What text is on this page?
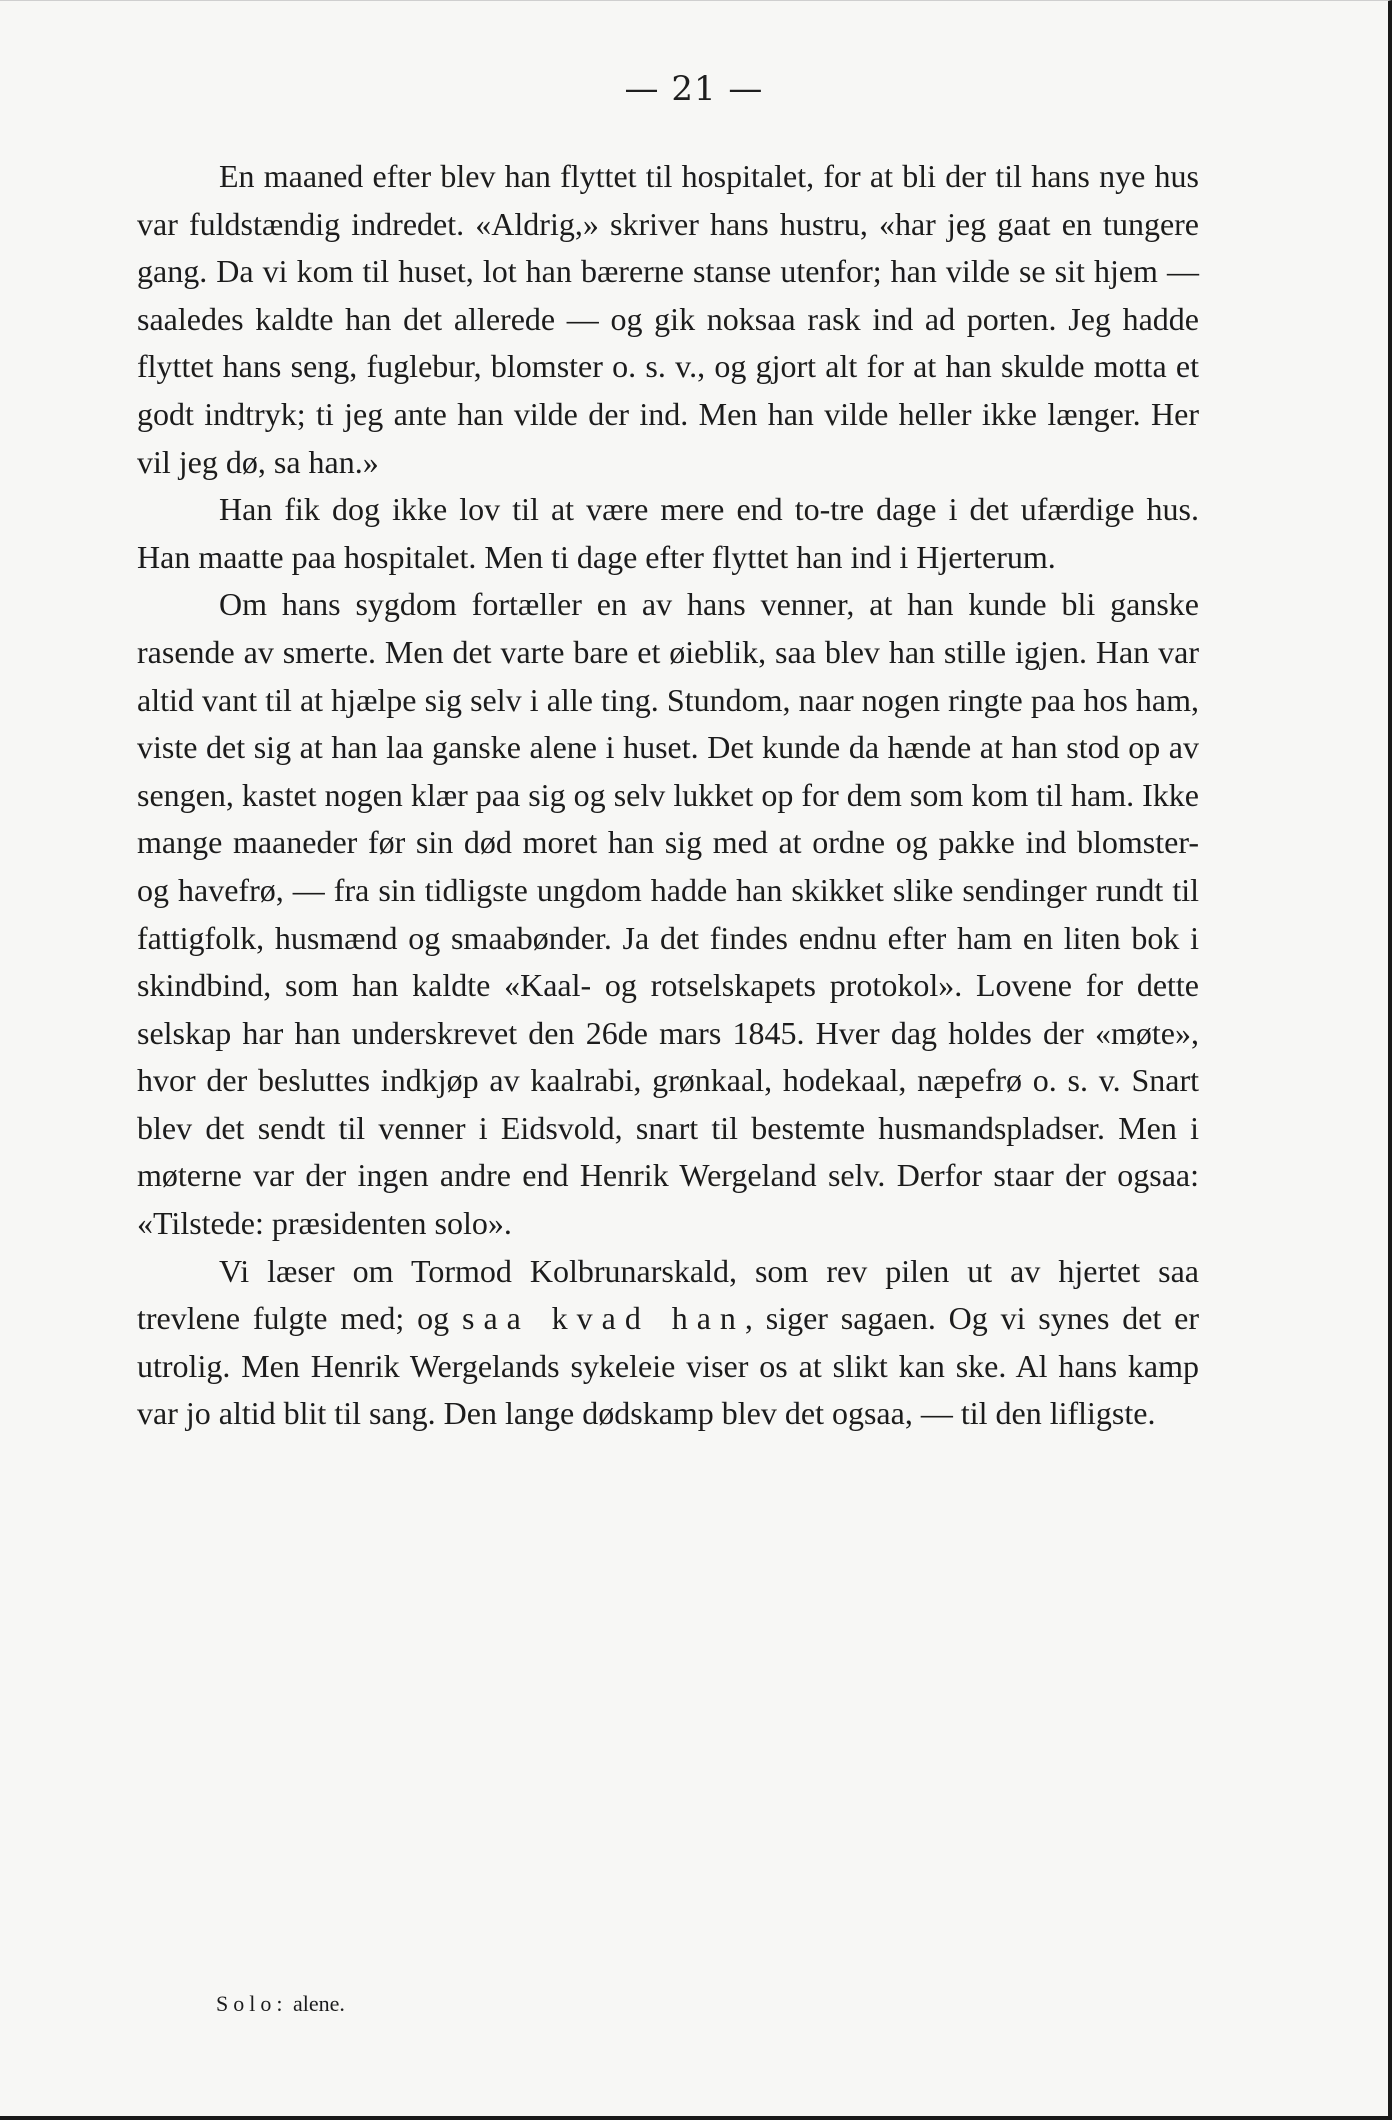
— 21 —

En maaned efter blev han flyttet til hospitalet, for at bli der til hans nye hus var fuldstændig indredet. «Aldrig,» skriver hans hustru, «har jeg gaat en tungere gang. Da vi kom til huset, lot han bærerne stanse utenfor; han vilde se sit hjem — saaledes kaldte han det allerede — og gik noksaa rask ind ad porten. Jeg hadde flyttet hans seng, fuglebur, blomster o. s. v., og gjort alt for at han skulde motta et godt indtryk; ti jeg ante han vilde der ind. Men han vilde heller ikke længer. Her vil jeg dø, sa han.»

Han fik dog ikke lov til at være mere end to-tre dage i det ufærdige hus. Han maatte paa hospitalet. Men ti dage efter flyttet han ind i Hjerterum.

Om hans sygdom fortæller en av hans venner, at han kunde bli ganske rasende av smerte. Men det varte bare et øieblik, saa blev han stille igjen. Han var altid vant til at hjælpe sig selv i alle ting. Stundom, naar nogen ringte paa hos ham, viste det sig at han laa ganske alene i huset. Det kunde da hænde at han stod op av sengen, kastet nogen klær paa sig og selv lukket op for dem som kom til ham. Ikke mange maaneder før sin død moret han sig med at ordne og pakke ind blomster- og havefrø, — fra sin tidligste ungdom hadde han skikket slike sendinger rundt til fattigfolk, husmænd og smaabønder. Ja det findes endnu efter ham en liten bok i skindbind, som han kaldte «Kaal- og rotselskapets protokol». Lovene for dette selskap har han underskrevet den 26de mars 1845. Hver dag holdes der «møte», hvor der besluttes indkjøp av kaalrabi, grønkaal, hodekaal, næpefrø o. s. v. Snart blev det sendt til venner i Eidsvold, snart til bestemte husmandspladser. Men i møterne var der ingen andre end Henrik Wergeland selv. Derfor staar der ogsaa: «Tilstede: præsidenten solo».

Vi læser om Tormod Kolbrunarskald, som rev pilen ut av hjertet saa trevlene fulgte med; og saa kvad han, siger sagaen. Og vi synes det er utrolig. Men Henrik Wergelands sykeleie viser os at slikt kan ske. Al hans kamp var jo altid blit til sang. Den lange dødskamp blev det ogsaa, — til den lifligste.

Solo: alene.
